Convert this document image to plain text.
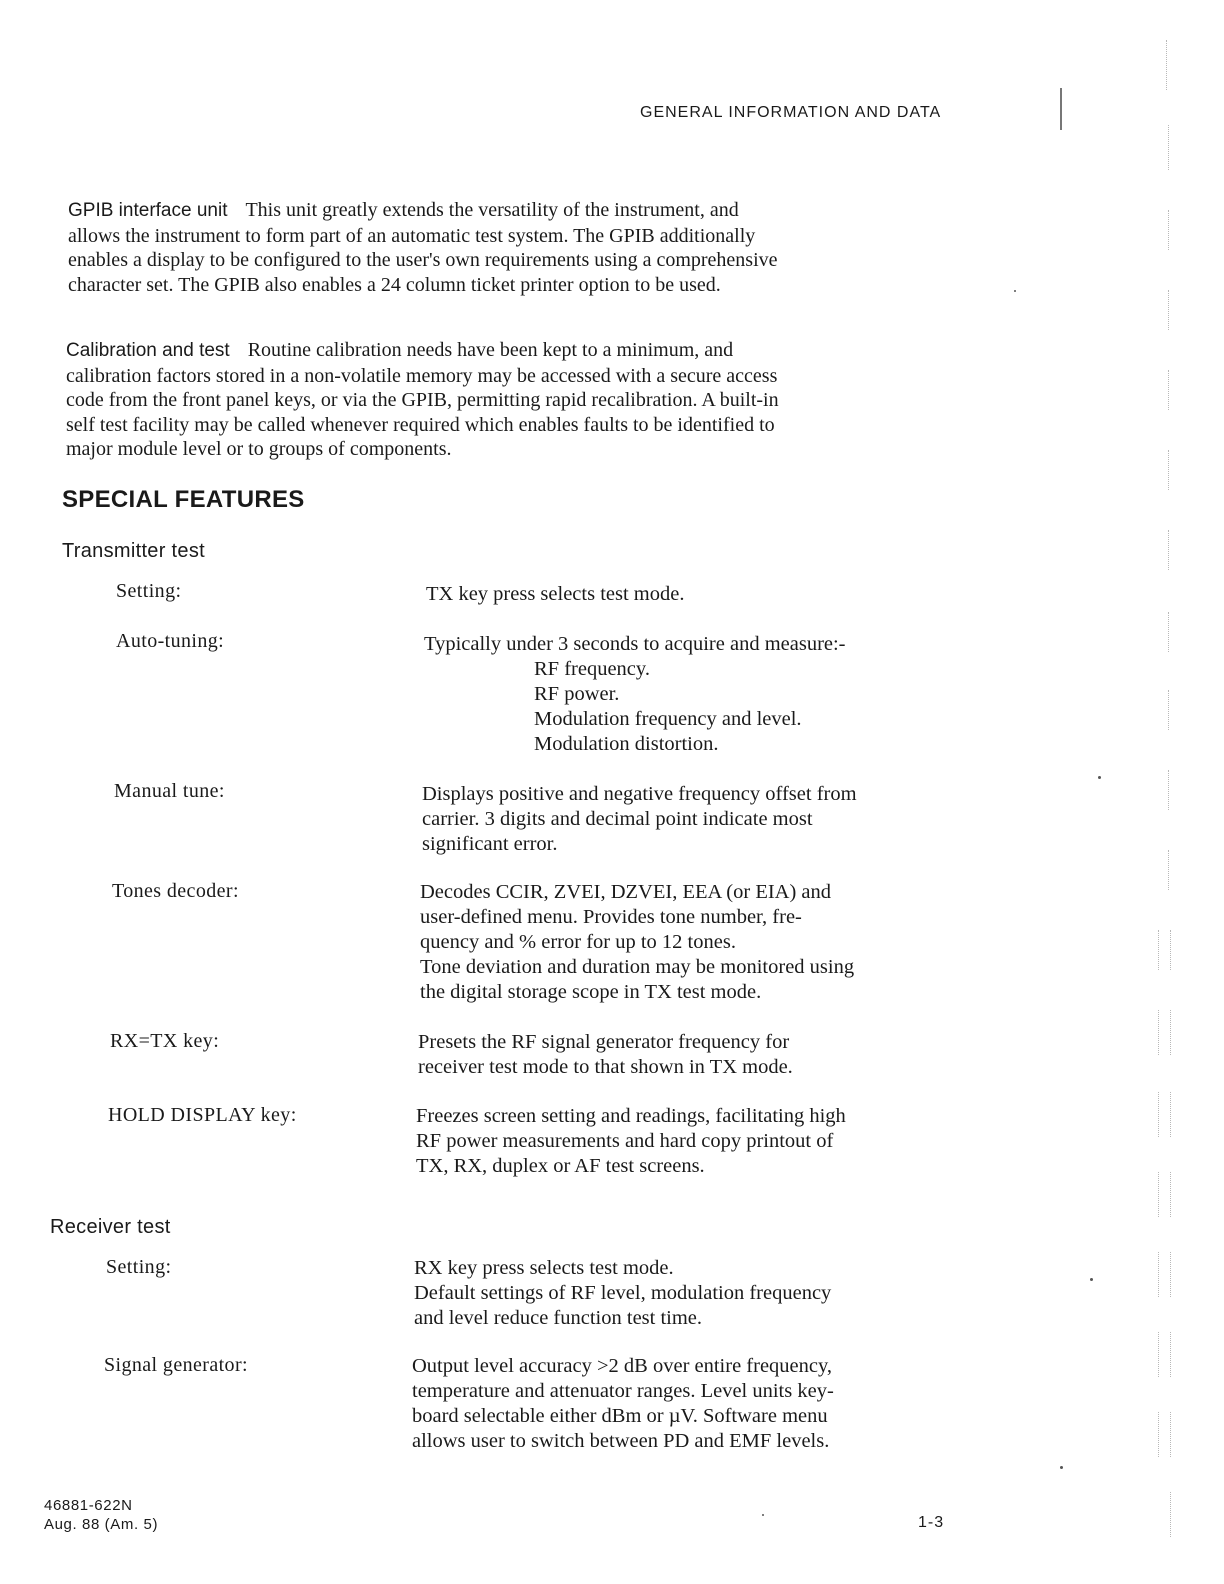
GENERAL INFORMATION AND DATA
GPIB interface unit This unit greatly extends the versatility of the instrument, and
allows the instrument to form part of an automatic test system. The GPIB additionally
enables a display to be configured to the user's own requirements using a comprehensive
character set. The GPIB also enables a 24 column ticket printer option to be used.
Calibration and test Routine calibration needs have been kept to a minimum, and
calibration factors stored in a non-volatile memory may be accessed with a secure access
code from the front panel keys, or via the GPIB, permitting rapid recalibration. A built-in
self test facility may be called whenever required which enables faults to be identified to
major module level or to groups of components.
SPECIAL FEATURES
Transmitter test
Setting:	TX key press selects test mode.
Auto-tuning:	Typically under 3 seconds to acquire and measure:-
RF frequency.
RF power.
Modulation frequency and level.
Modulation distortion.
Manual tune:	Displays positive and negative frequency offset from
carrier. 3 digits and decimal point indicate most
significant error.
Tones decoder:	Decodes CCIR, ZVEI, DZVEI, EEA (or EIA) and
user-defined menu. Provides tone number, fre-
quency and % error for up to 12 tones.
Tone deviation and duration may be monitored using
the digital storage scope in TX test mode.
RX=TX key:	Presets the RF signal generator frequency for
receiver test mode to that shown in TX mode.
HOLD DISPLAY key:	Freezes screen setting and readings, facilitating high
RF power measurements and hard copy printout of
TX, RX, duplex or AF test screens.
Receiver test
Setting:	RX key press selects test mode.
Default settings of RF level, modulation frequency
and level reduce function test time.
Signal generator:	Output level accuracy >2 dB over entire frequency,
temperature and attenuator ranges. Level units key-
board selectable either dBm or µV. Software menu
allows user to switch between PD and EMF levels.
46881-622N
Aug. 88 (Am. 5)	1-3
